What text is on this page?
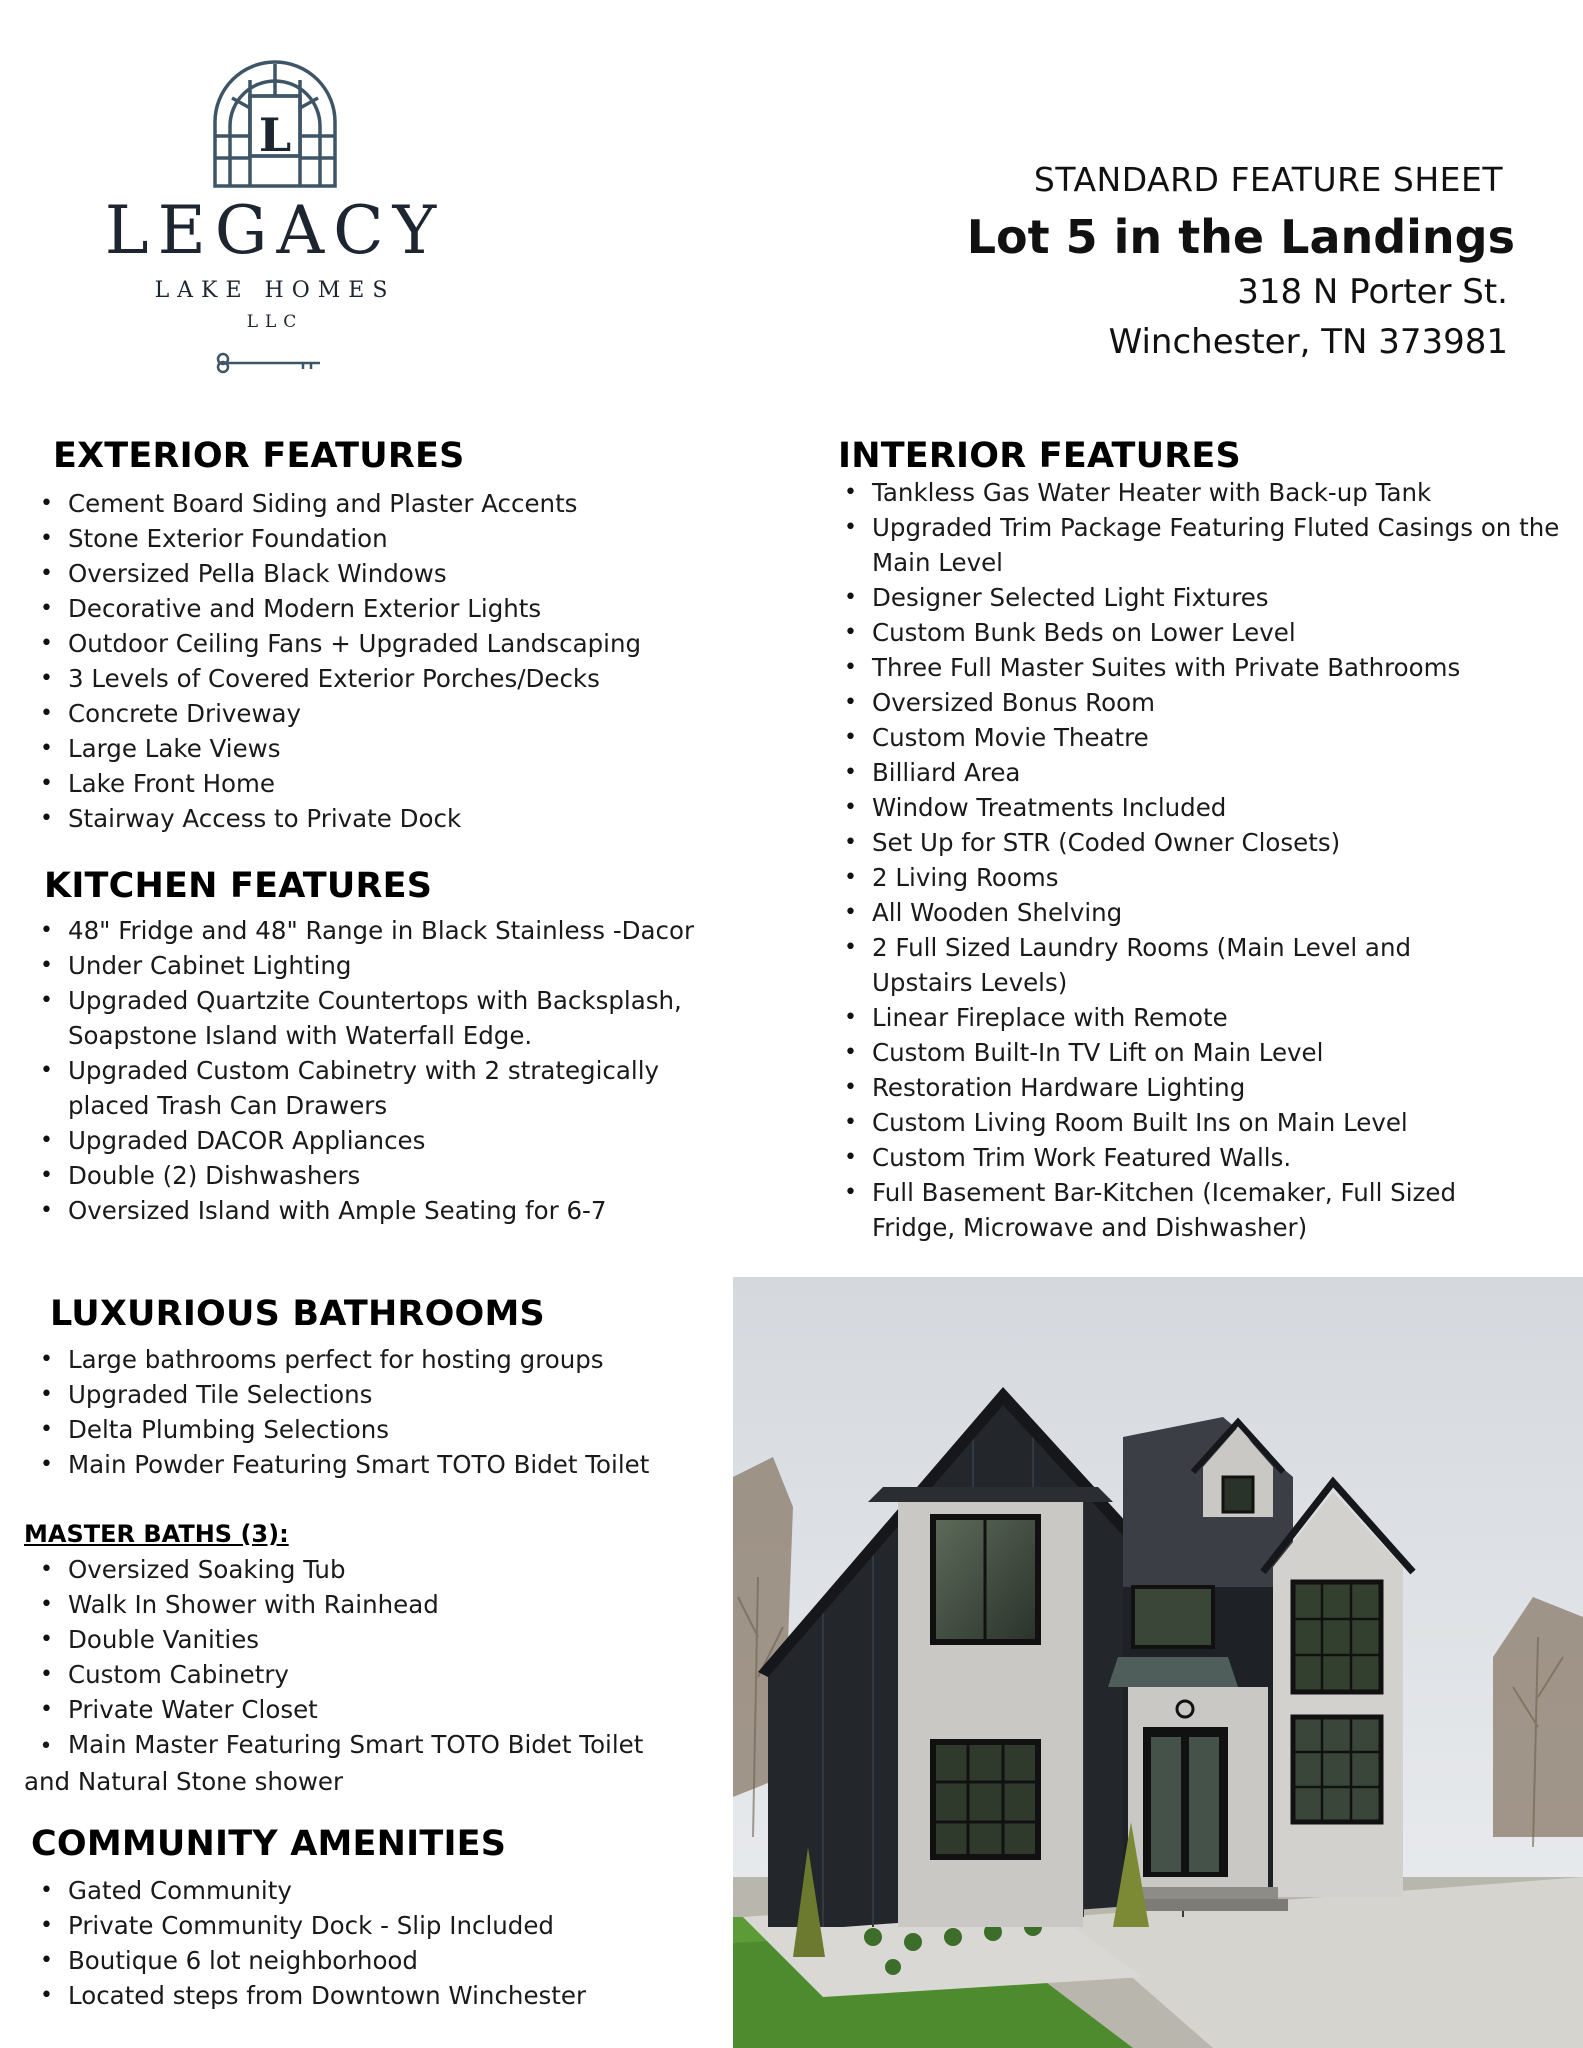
L
LEGACY
LAKE HOMES
LLC
STANDARD FEATURE SHEET
Lot 5 in the Landings
318 N Porter St.
Winchester, TN 373981
EXTERIOR FEATURES
• Cement Board Siding and Plaster Accents
• Stone Exterior Foundation
• Oversized Pella Black Windows
• Decorative and Modern Exterior Lights
• Outdoor Ceiling Fans + Upgraded Landscaping
• 3 Levels of Covered Exterior Porches/Decks
• Concrete Driveway
• Large Lake Views
• Lake Front Home
• Stairway Access to Private Dock
KITCHEN FEATURES
• 48" Fridge and 48" Range in Black Stainless -Dacor
• Under Cabinet Lighting
• Upgraded Quartzite Countertops with Backsplash, Soapstone Island with Waterfall Edge.
• Upgraded Custom Cabinetry with 2 strategically placed Trash Can Drawers
• Upgraded DACOR Appliances
• Double (2) Dishwashers
• Oversized Island with Ample Seating for 6-7
INTERIOR FEATURES
• Tankless Gas Water Heater with Back-up Tank
• Upgraded Trim Package Featuring Fluted Casings on the Main Level
• Designer Selected Light Fixtures
• Custom Bunk Beds on Lower Level
• Three Full Master Suites with Private Bathrooms
• Oversized Bonus Room
• Custom Movie Theatre
• Billiard Area
• Window Treatments Included
• Set Up for STR (Coded Owner Closets)
• 2 Living Rooms
• All Wooden Shelving
• 2 Full Sized Laundry Rooms (Main Level and Upstairs Levels)
• Linear Fireplace with Remote
• Custom Built-In TV Lift on Main Level
• Restoration Hardware Lighting
• Custom Living Room Built Ins on Main Level
• Custom Trim Work Featured Walls.
• Full Basement Bar-Kitchen (Icemaker, Full Sized Fridge, Microwave and Dishwasher)
LUXURIOUS BATHROOMS
• Large bathrooms perfect for hosting groups
• Upgraded Tile Selections
• Delta Plumbing Selections
• Main Powder Featuring Smart TOTO Bidet Toilet
MASTER BATHS (3):
• Oversized Soaking Tub
• Walk In Shower with Rainhead
• Double Vanities
• Custom Cabinetry
• Private Water Closet
• Main Master Featuring Smart TOTO Bidet Toilet
and Natural Stone shower
COMMUNITY AMENITIES
• Gated Community
• Private Community Dock - Slip Included
• Boutique 6 lot neighborhood
• Located steps from Downtown Winchester
